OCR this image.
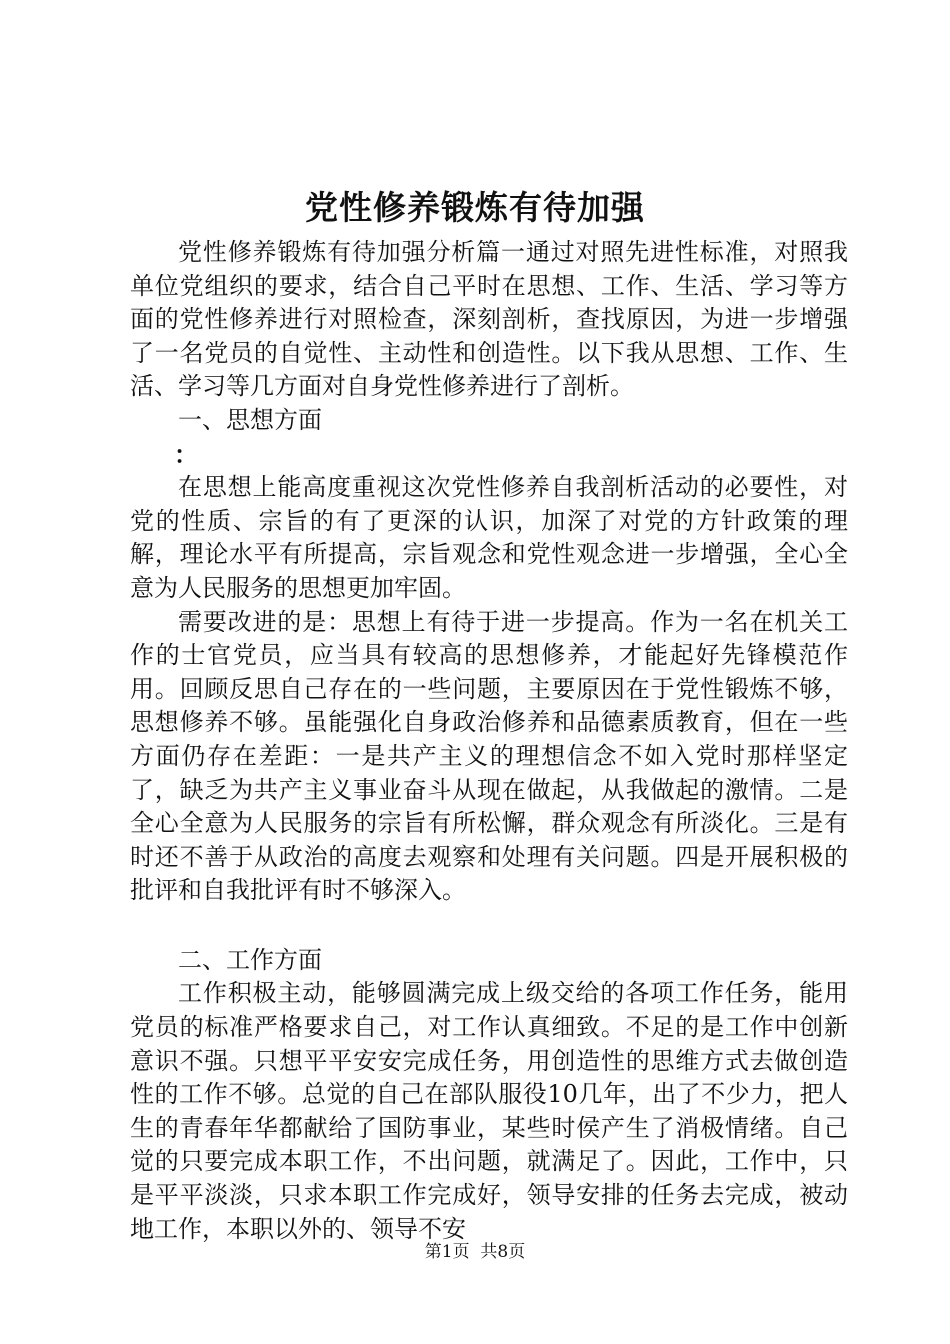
党性修养锻炼有待加强

党性修养锻炼有待加强分析篇一通过对照先进性标准，对照我单位党组织的要求，结合自己平时在思想、工作、生活、学习等方面的党性修养进行对照检查，深刻剖析，查找原因，为进一步增强了一名党员的自觉性、主动性和创造性。以下我从思想、工作、生活、学习等几方面对自身党性修养进行了剖析。

一、思想方面

：

在思想上能高度重视这次党性修养自我剖析活动的必要性，对党的性质、宗旨的有了更深的认识，加深了对党的方针政策的理解，理论水平有所提高，宗旨观念和党性观念进一步增强，全心全意为人民服务的思想更加牢固。

需要改进的是：思想上有待于进一步提高。作为一名在机关工作的士官党员，应当具有较高的思想修养，才能起好先锋模范作用。回顾反思自己存在的一些问题，主要原因在于党性锻炼不够，思想修养不够。虽能强化自身政治修养和品德素质教育，但在一些方面仍存在差距：一是共产主义的理想信念不如入党时那样坚定了，缺乏为共产主义事业奋斗从现在做起，从我做起的激情。二是全心全意为人民服务的宗旨有所松懈，群众观念有所淡化。三是有时还不善于从政治的高度去观察和处理有关问题。四是开展积极的批评和自我批评有时不够深入。

二、工作方面

工作积极主动，能够圆满完成上级交给的各项工作任务，能用党员的标准严格要求自己，对工作认真细致。不足的是工作中创新意识不强。只想平平安安完成任务，用创造性的思维方式去做创造性的工作不够。总觉的自己在部队服役10几年，出了不少力，把人生的青春年华都献给了国防事业，某些时侯产生了消极情绪。自己觉的只要完成本职工作，不出问题，就满足了。因此，工作中，只是平平淡淡，只求本职工作完成好，领导安排的任务去完成，被动地工作，本职以外的、领导不安

第1页  共8页
